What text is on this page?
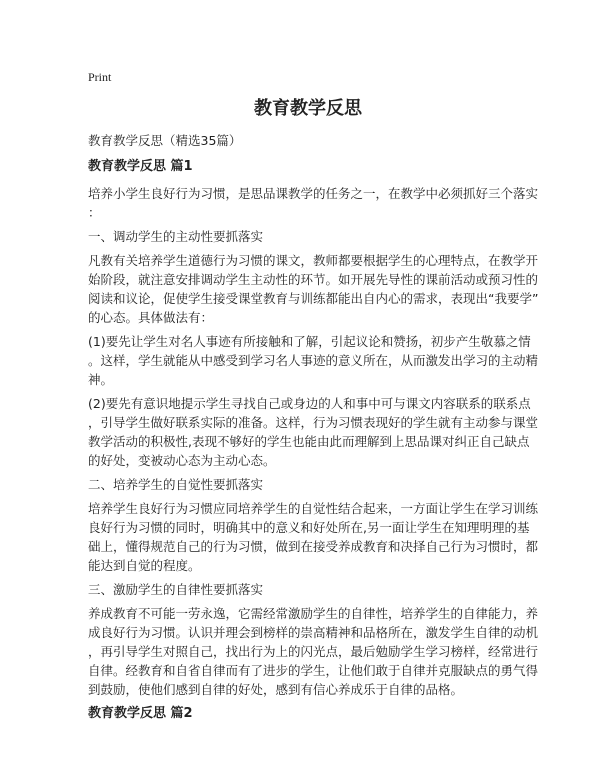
Print
教育教学反思
教育教学反思（精选35篇）
教育教学反思 篇1
培养小学生良好行为习惯，是思品课教学的任务之一，在教学中必须抓好三个落实
：
一、调动学生的主动性要抓落实
凡教有关培养学生道德行为习惯的课文，教师都要根据学生的心理特点，在教学开
始阶段，就注意安排调动学生主动性的环节。如开展先导性的课前活动或预习性的
阅读和议论，促使学生接受课堂教育与训练都能出自内心的需求，表现出“我要学”
的心态。具体做法有：
(1)要先让学生对名人事迹有所接触和了解，引起议论和赞扬，初步产生敬慕之情
。这样，学生就能从中感受到学习名人事迹的意义所在，从而激发出学习的主动精
神。
(2)要先有意识地提示学生寻找自己或身边的人和事中可与课文内容联系的联系点
，引导学生做好联系实际的准备。这样，行为习惯表现好的学生就有主动参与课堂
教学活动的积极性,表现不够好的学生也能由此而理解到上思品课对纠正自己缺点
的好处，变被动心态为主动心态。
二、培养学生的自觉性要抓落实
培养学生良好行为习惯应同培养学生的自觉性结合起来，一方面让学生在学习训练
良好行为习惯的同时，明确其中的意义和好处所在,另一面让学生在知理明理的基
础上，懂得规范自己的行为习惯，做到在接受养成教育和决择自己行为习惯时，都
能达到自觉的程度。
三、激励学生的自律性要抓落实
养成教育不可能一劳永逸，它需经常激励学生的自律性，培养学生的自律能力，养
成良好行为习惯。认识并理会到榜样的崇高精神和品格所在，激发学生自律的动机
，再引导学生对照自己，找出行为上的闪光点，最后勉励学生学习榜样，经常进行
自律。经教育和自省自律而有了进步的学生，让他们敢于自律并克服缺点的勇气得
到鼓励，使他们感到自律的好处，感到有信心养成乐于自律的品格。
教育教学反思 篇2
